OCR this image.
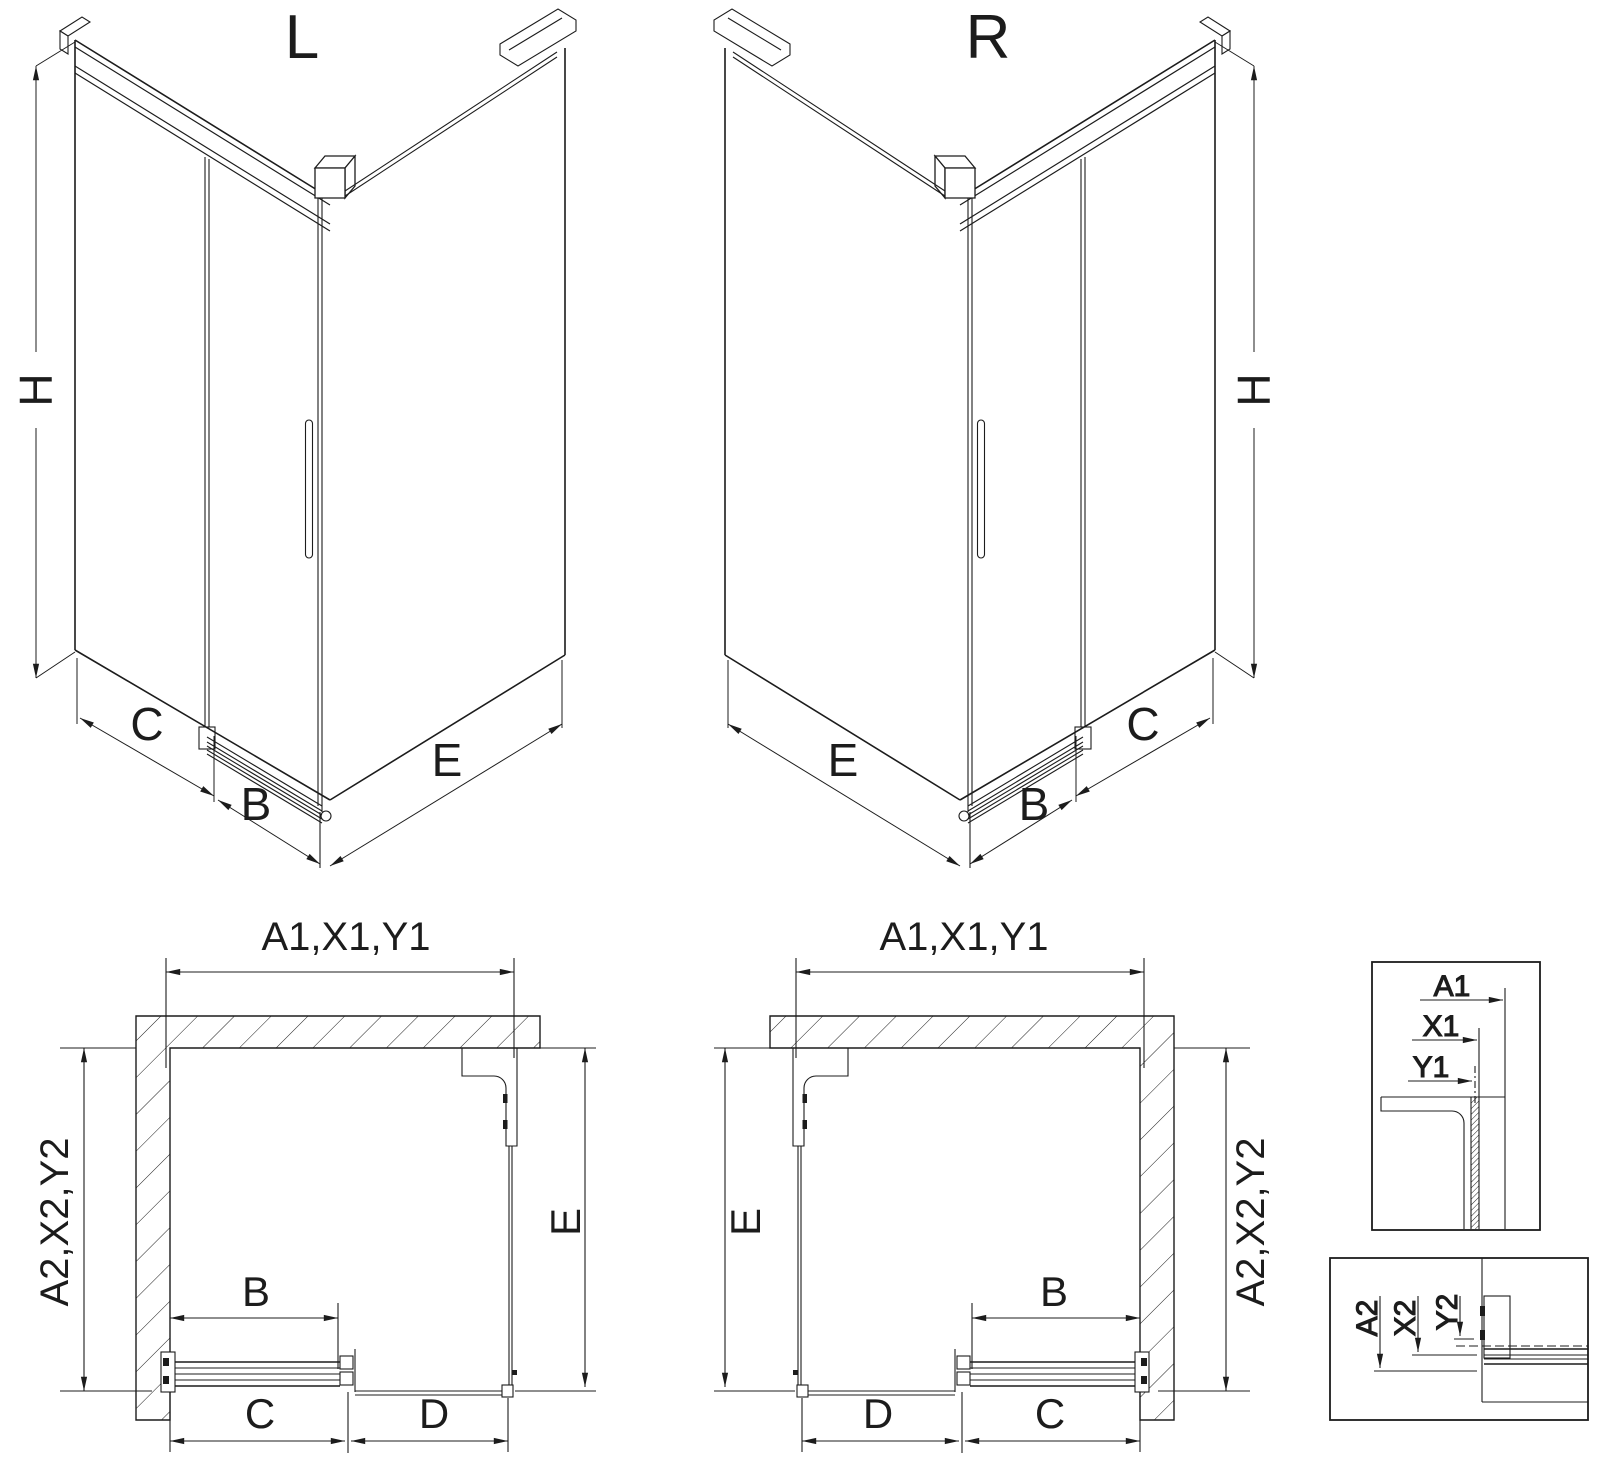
L
H
C
B
E
R
H
C
B
E
A1,X1,Y1
A2,X2,Y2	E
B
C	D
A1,X1,Y1
A2,X2,Y2
E
B
C
D
A1
X1
Y1
A2 X2 Y2
